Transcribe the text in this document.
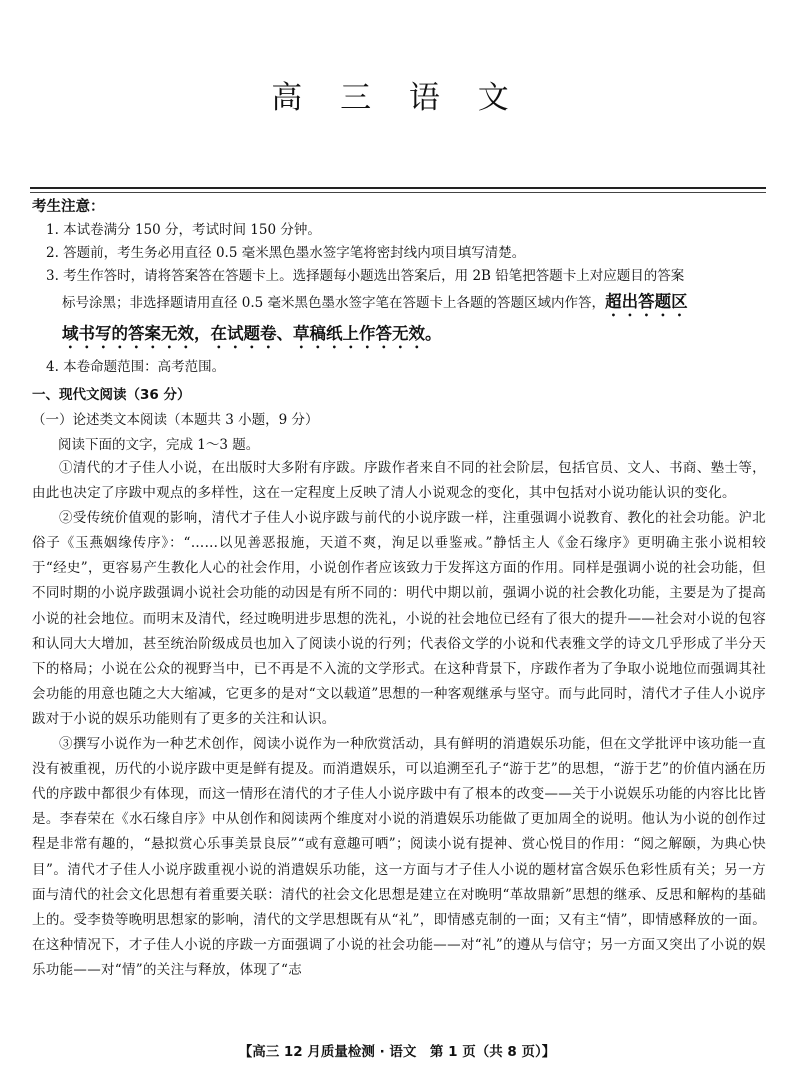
高 三 语 文
考生注意：
1. 本试卷满分 150 分，考试时间 150 分钟。
2. 答题前，考生务必用直径 0.5 毫米黑色墨水签字笔将密封线内项目填写清楚。
3. 考生作答时，请将答案答在答题卡上。选择题每小题选出答案后，用 2B 铅笔把答题卡上对应题目的答案
标号涂黑；非选择题请用直径 0.5 毫米黑色墨水签字笔在答题卡上各题的答题区域内作答，超出答题区
域书写的答案无效，在试题卷、草稿纸上作答无效。
4. 本卷命题范围：高考范围。
一、现代文阅读（36 分）
（一）论述类文本阅读（本题共 3 小题，9 分）
阅读下面的文字，完成 1～3 题。

①清代的才子佳人小说，在出版时大多附有序跋。序跋作者来自不同的社会阶层，包括官员、文人、书商、塾士等，由此也决定了序跋中观点的多样性，这在一定程度上反映了清人小说观念的变化，其中包括对小说功能认识的变化。

②受传统价值观的影响，清代才子佳人小说序跋与前代的小说序跋一样，注重强调小说教育、教化的社会功能。沪北俗子《玉燕姻缘传序》：“……以见善恶报施，天道不爽，洵足以垂鉴戒。”静恬主人《金石缘序》更明确主张小说相较于“经史”，更容易产生教化人心的社会作用，小说创作者应该致力于发挥这方面的作用。同样是强调小说的社会功能，但不同时期的小说序跋强调小说社会功能的动因是有所不同的：明代中期以前，强调小说的社会教化功能，主要是为了提高小说的社会地位。而明末及清代，经过晚明进步思想的洗礼，小说的社会地位已经有了很大的提升——社会对小说的包容和认同大大增加，甚至统治阶级成员也加入了阅读小说的行列；代表俗文学的小说和代表雅文学的诗文几乎形成了半分天下的格局；小说在公众的视野当中，已不再是不入流的文学形式。在这种背景下，序跋作者为了争取小说地位而强调其社会功能的用意也随之大大缩减，它更多的是对“文以载道”思想的一种客观继承与坚守。而与此同时，清代才子佳人小说序跋对于小说的娱乐功能则有了更多的关注和认识。

③撰写小说作为一种艺术创作，阅读小说作为一种欣赏活动，具有鲜明的消遣娱乐功能，但在文学批评中该功能一直没有被重视，历代的小说序跋中更是鲜有提及。而消遣娱乐，可以追溯至孔子“游于艺”的思想，“游于艺”的价值内涵在历代的序跋中都很少有体现，而这一情形在清代的才子佳人小说序跋中有了根本的改变——关于小说娱乐功能的内容比比皆是。李春荣在《水石缘自序》中从创作和阅读两个维度对小说的消遣娱乐功能做了更加周全的说明。他认为小说的创作过程是非常有趣的，“悬拟赏心乐事美景良辰”“或有意趣可哂”；阅读小说有提神、赏心悦目的作用：“阅之解颐，为典心快目”。清代才子佳人小说序跋重视小说的消遣娱乐功能，这一方面与才子佳人小说的题材富含娱乐色彩性质有关；另一方面与清代的社会文化思想有着重要关联：清代的社会文化思想是建立在对晚明“革故鼎新”思想的继承、反思和解构的基础上的。受李贽等晚明思想家的影响，清代的文学思想既有从“礼”，即情感克制的一面；又有主“情”，即情感释放的一面。在这种情况下，才子佳人小说的序跋一方面强调了小说的社会功能——对“礼”的遵从与信守；另一方面又突出了小说的娱乐功能——对“情”的关注与释放，体现了“志

【高三 12 月质量检测 · 语文　第 1 页（共 8 页）】
